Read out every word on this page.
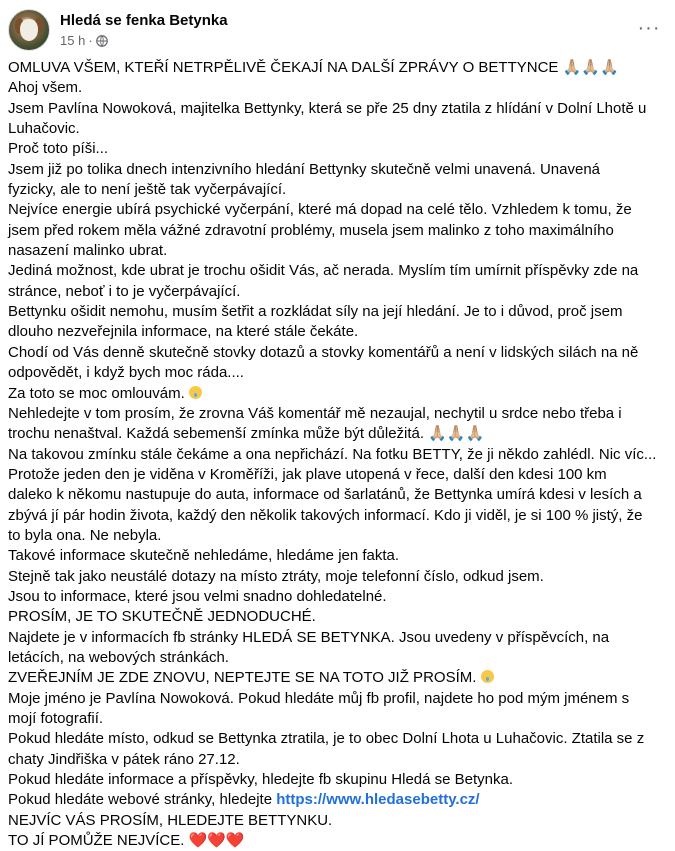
Hledá se fenka Betynka
15 h ·
···
OMLUVA VŠEM, KTEŘÍ NETRPĚLIVĚ ČEKAJÍ NA DALŠÍ ZPRÁVY O BETTYNCE 🙏🏼🙏🏼🙏🏼
Ahoj všem.
Jsem Pavlína Nowoková, majitelka Bettynky, která se pře 25 dny ztatila z hlídání v Dolní Lhotě u
Luhačovic.
Proč toto píši...
Jsem již po tolika dnech intenzivního hledání Bettynky skutečně velmi unavená. Unavená
fyzicky, ale to není ještě tak vyčerpávající.
Nejvíce energie ubírá psychické vyčerpání, které má dopad na celé tělo. Vzhledem k tomu, že
jsem před rokem měla vážné zdravotní problémy, musela jsem malinko z toho maximálního
nasazení malinko ubrat.
Jediná možnost, kde ubrat je trochu ošidit Vás, ač nerada. Myslím tím umírnit příspěvky zde na
stránce, neboť i to je vyčerpávající.
Bettynku ošidit nemohu, musím šetřit a rozkládat síly na její hledání. Je to i důvod, proč jsem
dlouho nezveřejnila informace, na které stále čekáte.
Chodí od Vás denně skutečně stovky dotazů a stovky komentářů a není v lidských silách na ně
odpovědět, i když bych moc ráda....
Za toto se moc omlouvám.
Nehledejte v tom prosím, že zrovna Váš komentář mě nezaujal, nechytil u srdce nebo třeba i
trochu nenaštval. Každá sebemenší zmínka může být důležitá. 🙏🏼🙏🏼🙏🏼
Na takovou zmínku stále čekáme a ona nepřichází. Na fotku BETTY, že ji někdo zahlédl. Nic víc...
Protože jeden den je viděna v Kroměříži, jak plave utopená v řece, další den kdesi 100 km
daleko k někomu nastupuje do auta, informace od šarlatánů, že Bettynka umírá kdesi v lesích a
zbývá jí pár hodin života, každý den několik takových informací. Kdo ji viděl, je si 100 % jistý, že
to byla ona. Ne nebyla.
Takové informace skutečně nehledáme, hledáme jen fakta.
Stejně tak jako neustálé dotazy na místo ztráty, moje telefonní číslo, odkud jsem.
Jsou to informace, které jsou velmi snadno dohledatelné.
PROSÍM, JE TO SKUTEČNĚ JEDNODUCHÉ.
Najdete je v informacích fb stránky HLEDÁ SE BETYNKA. Jsou uvedeny v příspěvcích, na
letácích, na webových stránkách.
ZVEŘEJNÍM JE ZDE ZNOVU, NEPTEJTE SE NA TOTO JIŽ PROSÍM.
Moje jméno je Pavlína Nowoková. Pokud hledáte můj fb profil, najdete ho pod mým jménem s
mojí fotografií.
Pokud hledáte místo, odkud se Bettynka ztratila, je to obec Dolní Lhota u Luhačovic. Ztatila se z
chaty Jindřiška v pátek ráno 27.12.
Pokud hledáte informace a příspěvky, hledejte fb skupinu Hledá se Betynka.
Pokud hledáte webové stránky, hledejte https://www.hledasebetty.cz/
NEJVÍC VÁS PROSÍM, HLEDEJTE BETTYNKU.
TO JÍ POMŮŽE NEJVÍCE. ❤️❤️❤️
